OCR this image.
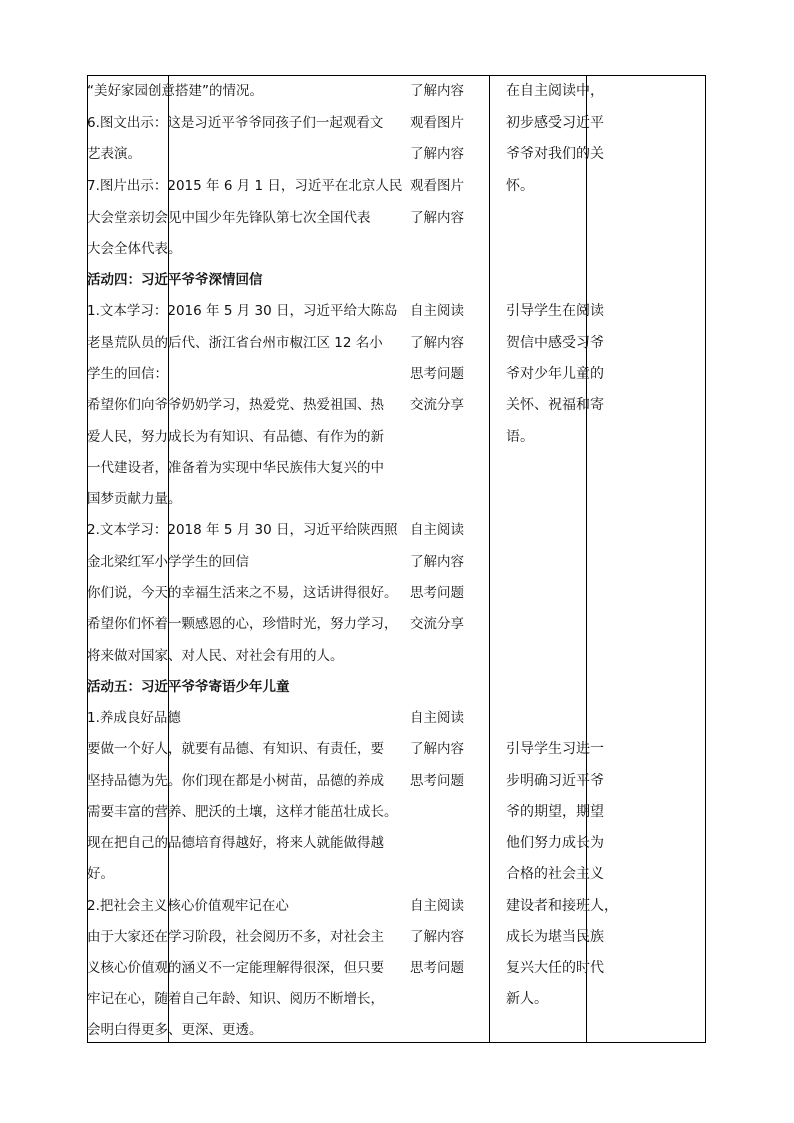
“美好家园创意搭建”的情况。
6.图文出示：这是习近平爷爷同孩子们一起观看文
艺表演。
7.图片出示：2015 年 6 月 1 日，习近平在北京人民
大会堂亲切会见中国少年先锋队第七次全国代表
大会全体代表。
活动四：习近平爷爷深情回信
1.文本学习：2016 年 5 月 30 日，习近平给大陈岛
老垦荒队员的后代、浙江省台州市椒江区 12 名小
学生的回信：
希望你们向爷爷奶奶学习，热爱党、热爱祖国、热
爱人民，努力成长为有知识、有品德、有作为的新
一代建设者，准备着为实现中华民族伟大复兴的中
国梦贡献力量。
2.文本学习：2018 年 5 月 30 日，习近平给陕西照
金北梁红军小学学生的回信
你们说，今天的幸福生活来之不易，这话讲得很好。
希望你们怀着一颗感恩的心，珍惜时光，努力学习，
将来做对国家、对人民、对社会有用的人。
活动五：习近平爷爷寄语少年儿童
1.养成良好品德
要做一个好人，就要有品德、有知识、有责任，要
坚持品德为先。你们现在都是小树苗，品德的养成
需要丰富的营养、肥沃的土壤，这样才能茁壮成长。
现在把自己的品德培育得越好，将来人就能做得越
好。
2.把社会主义核心价值观牢记在心
由于大家还在学习阶段，社会阅历不多，对社会主
义核心价值观的涵义不一定能理解得很深，但只要
牢记在心，随着自己年龄、知识、阅历不断增长，
会明白得更多、更深、更透。
了解内容
观看图片
了解内容
观看图片
了解内容
自主阅读
了解内容
思考问题
交流分享
自主阅读
了解内容
思考问题
交流分享
自主阅读
了解内容
思考问题
自主阅读
了解内容
思考问题
在自主阅读中，
初步感受习近平
爷爷对我们的关
怀。
引导学生在阅读
贺信中感受习爷
爷对少年儿童的
关怀、祝福和寄
语。
引导学生习进一
步明确习近平爷
爷的期望，期望
他们努力成长为
合格的社会主义
建设者和接班人，
成长为堪当民族
复兴大任的时代
新人。
